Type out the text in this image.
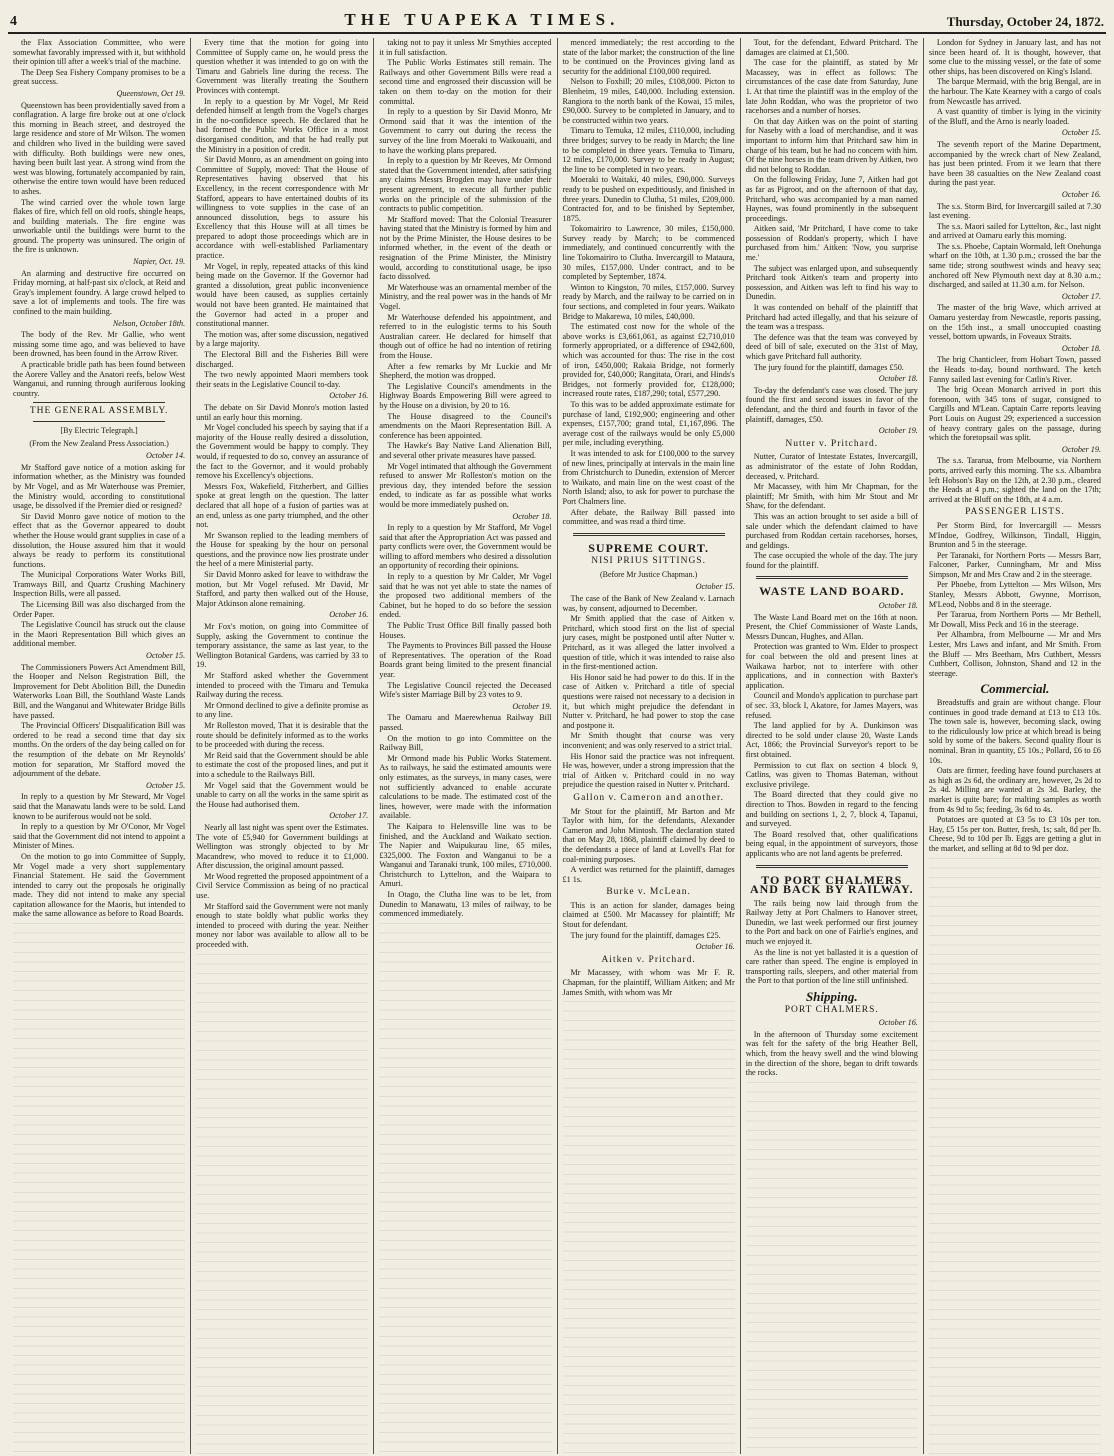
4	THE TUAPEKA TIMES.	Thursday, October 24, 1872.

the Flax Association Committee, who were somewhat favorably impressed with it, but withhold their opinion till after a week's trial of the machine.

The Deep Sea Fishery Company promises to be a great success.

Queenstown, Oct 19.

Queenstown has been providentially saved from a conflagration. A large fire broke out at one o'clock this morning in Beach street, and destroyed the large residence and store of Mr Wilson. The women and children who lived in the building were saved with difficulty. Both buildings were new ones, having been built last year. A strong wind from the west was blowing, fortunately accompanied by rain, otherwise the entire town would have been reduced to ashes.

The wind carried over the whole town large flakes of fire, which fell on old roofs, shingle heaps, and building materials. The fire engine was unworkable until the buildings were burnt to the ground. The property was uninsured. The origin of the fire is unknown.

Napier, Oct. 19.

An alarming and destructive fire occurred on Friday morning, at half-past six o'clock, at Reid and Gray's implement foundry. A large crowd helped to save a lot of implements and tools. The fire was confined to the main building.

Nelson, October 18th.

The body of the Rev. Mr Gallie, who went missing some time ago, and was believed to have been drowned, has been found in the Arrow River.

A practicable bridle path has been found between the Aorere Valley and the Anatori reefs, below West Wanganui, and running through auriferous looking country.

THE GENERAL ASSEMBLY.
[By Electric Telegraph.]
(From the New Zealand Press Association.)
October 14.

Mr Stafford gave notice of a motion asking for information whether, as the Ministry was founded by Mr Vogel, and as Mr Waterhouse was Premier, the Ministry would, according to constitutional usage, be dissolved if the Premier died or resigned?

Sir David Monro gave notice of motion to the effect that as the Governor appeared to doubt whether the House would grant supplies in case of a dissolution, the House assured him that it would always be ready to perform its constitutional functions.

The Municipal Corporations Water Works Bill, Tramways Bill, and Quartz Crushing Machinery Inspection Bills, were all passed.

The Licensing Bill was also discharged from the Order Paper.

The Legislative Council has struck out the clause in the Maori Representation Bill which gives an additional member.

October 15.

The Commissioners Powers Act Amendment Bill, the Hooper and Nelson Registration Bill, the Improvement for Debt Abolition Bill, the Dunedin Waterworks Loan Bill, the Southland Waste Lands Bill, and the Wanganui and Whitewater Bridge Bills have passed.

The Provincial Officers' Disqualification Bill was ordered to be read a second time that day six months. On the orders of the day being called on for the resumption of the debate on Mr Reynolds' motion for separation, Mr Stafford moved the adjournment of the debate.

October 15.

In reply to a question by Mr Steward, Mr Vogel said that the Manawatu lands were to be sold. Land known to be auriferous would not be sold.

In reply to a question by Mr O'Conor, Mr Vogel said that the Government did not intend to appoint a Minister of Mines.

On the motion to go into Committee of Supply, Mr Vogel made a very short supplementary Financial Statement. He said the Government intended to carry out the proposals he originally made. They did not intend to make any special capitation allowance for the Maoris, but intended to make the same allowance as before to Road Boards.

Every time that the motion for going into Committee of Supply came on, he would press the question whether it was intended to go on with the Timaru and Gabriels line during the recess. The Government was literally treating the Southern Provinces with contempt.

In reply to a question by Mr Vogel, Mr Reid defended himself at length from the Vogel's charges in the no-confidence speech. He declared that he had formed the Public Works Office in a most disorganised condition, and that he had really put the Ministry in a position of credit.

Sir David Monro, as an amendment on going into Committee of Supply, moved: That the House of Representatives having observed that his Excellency, in the recent correspondence with Mr Stafford, appears to have entertained doubts of its willingness to vote supplies in the case of an announced dissolution, begs to assure his Excellency that this House will at all times be prepared to adopt those proceedings which are in accordance with well-established Parliamentary practice.

Mr Vogel, in reply, repeated attacks of this kind being made on the Governor. If the Governor had granted a dissolution, great public inconvenience would have been caused, as supplies certainly would not have been granted. He maintained that the Governor had acted in a proper and constitutional manner.

The motion was, after some discussion, negatived by a large majority.

The Electoral Bill and the Fisheries Bill were discharged.

The two newly appointed Maori members took their seats in the Legislative Council to-day.

October 16.

The debate on Sir David Monro's motion lasted until an early hour this morning.

Mr Vogel concluded his speech by saying that if a majority of the House really desired a dissolution, the Government would be happy to comply. They would, if requested to do so, convey an assurance of the fact to the Governor, and it would probably remove his Excellency's objections.

Messrs Fox, Wakefield, Fitzherbert, and Gillies spoke at great length on the question. The latter declared that all hope of a fusion of parties was at an end, unless as one party triumphed, and the other not.

Mr Swanson replied to the leading members of the House for speaking by the hour on personal questions, and the province now lies prostrate under the heel of a mere Ministerial party.

Sir David Monro asked for leave to withdraw the motion, but Mr Vogel refused. Mr David, Mr Stafford, and party then walked out of the House, Major Atkinson alone remaining.

October 16.

Mr Fox's motion, on going into Committee of Supply, asking the Government to continue the temporary assistance, the same as last year, to the Wellington Botanical Gardens, was carried by 33 to 19.

Mr Stafford asked whether the Government intended to proceed with the Timaru and Temuka Railway during the recess.

Mr Ormond declined to give a definite promise as to any line.

Mr Rolleston moved, That it is desirable that the route should be definitely informed as to the works to be proceeded with during the recess.

Mr Reid said that the Government should be able to estimate the cost of the proposed lines, and put it into a schedule to the Railways Bill.

Mr Vogel said that the Government would be unable to carry on all the works in the same spirit as the House had authorised them.

October 17.

Nearly all last night was spent over the Estimates. The vote of £5,940 for Government buildings at Wellington was strongly objected to by Mr Macandrew, who moved to reduce it to £1,000. After discussion, the original amount passed.

Mr Wood regretted the proposed appointment of a Civil Service Commission as being of no practical use.

Mr Stafford said the Government were not manly enough to state boldly what public works they intended to proceed with during the year. Neither money nor labor was available to allow all to be proceeded with.

taking not to pay it unless Mr Smythies accepted it in full satisfaction.

The Public Works Estimates still remain. The Railways and other Government Bills were read a second time and engrossed their discussion will be taken on them to-day on the motion for their committal.

In reply to a question by Sir David Monro, Mr Ormond said that it was the intention of the Government to carry out during the recess the survey of the line from Moeraki to Waikouaiti, and to have the working plans prepared.

In reply to a question by Mr Reeves, Mr Ormond stated that the Government intended, after satisfying any claims Messrs Brogden may have under their present agreement, to execute all further public works on the principle of the submission of the contracts to public competition.

Mr Stafford moved: That the Colonial Treasurer having stated that the Ministry is formed by him and not by the Prime Minister, the House desires to be informed whether, in the event of the death or resignation of the Prime Minister, the Ministry would, according to constitutional usage, be ipso facto dissolved.

Mr Waterhouse was an ornamental member of the Ministry, and the real power was in the hands of Mr Vogel.

Mr Waterhouse defended his appointment, and referred to in the eulogistic terms to his South Australian career. He declared for himself that though out of office he had no intention of retiring from the House.

After a few remarks by Mr Luckie and Mr Shepherd, the motion was dropped.

The Legislative Council's amendments in the Highway Boards Empowering Bill were agreed to by the House on a division, by 20 to 16.

The House disagreed to the Council's amendments on the Maori Representation Bill. A conference has been appointed.

The Hawke's Bay Native Land Alienation Bill, and several other private measures have passed.

Mr Vogel intimated that although the Government refused to answer Mr Rolleston's motion on the previous day, they intended before the session ended, to indicate as far as possible what works would be more immediately pushed on.

October 18.

In reply to a question by Mr Stafford, Mr Vogel said that after the Appropriation Act was passed and party conflicts were over, the Government would be willing to afford members who desired a dissolution an opportunity of recording their opinions.

In reply to a question by Mr Calder, Mr Vogel said that he was not yet able to state the names of the proposed two additional members of the Cabinet, but he hoped to do so before the session ended.

The Public Trust Office Bill finally passed both Houses.

The Payments to Provinces Bill passed the House of Representatives. The operation of the Road Boards grant being limited to the present financial year.

The Legislative Council rejected the Deceased Wife's sister Marriage Bill by 23 votes to 9.

October 19.

The Oamaru and Maerewhenua Railway Bill passed.

On the motion to go into Committee on the Railway Bill,

Mr Ormond made his Public Works Statement. As to railways, he said the estimated amounts were only estimates, as the surveys, in many cases, were not sufficiently advanced to enable accurate calculations to be made. The estimated cost of the lines, however, were made with the information available.

The Kaipara to Helensville line was to be finished, and the Auckland and Waikato section. The Napier and Waipukurau line, 65 miles, £325,000. The Foxton and Wanganui to be a Wanganui and Taranaki trunk, 100 miles, £710,000. Christchurch to Lyttelton, and the Waipara to Amuri.

In Otago, the Clutha line was to be let, from Dunedin to Manawatu, 13 miles of railway, to be commenced immediately.

menced immediately; the rest according to the state of the labor market; the construction of the line to be continued on the Provinces giving land as security for the additional £100,000 required.

Nelson to Foxhill; 20 miles, £108,000. Picton to Blenheim, 19 miles, £40,000. Including extension. Rangiora to the north bank of the Kowai, 15 miles, £90,000. Survey to be completed in January, and to be constructed within two years.

Timaru to Temuka, 12 miles, £110,000, including three bridges; survey to be ready in March; the line to be completed in three years. Temuka to Timaru, 12 miles, £170,000. Survey to be ready in August; the line to be completed in two years.

Moeraki to Waitaki, 40 miles, £90,000. Surveys ready to be pushed on expeditiously, and finished in three years. Dunedin to Clutha, 51 miles, £209,000. Contracted for, and to be finished by September, 1875.

Tokomairiro to Lawrence, 30 miles, £150,000. Survey ready by March; to be commenced immediately, and continued concurrently with the line Tokomairiro to Clutha. Invercargill to Mataura, 30 miles, £157,000. Under contract, and to be completed by September, 1874.

Winton to Kingston, 70 miles, £157,000. Survey ready by March, and the railway to be carried on in four sections, and completed in four years. Waikato Bridge to Makarewa, 10 miles, £40,000.

The estimated cost now for the whole of the above works is £3,661,061, as against £2,710,010 formerly appropriated, or a difference of £942,600, which was accounted for thus: The rise in the cost of iron, £450,000; Rakaia Bridge, not formerly provided for, £40,000; Rangitata, Orari, and Hinds's Bridges, not formerly provided for, £128,000; increased route rates, £187,290; total, £577,290.

To this was to be added approximate estimate for purchase of land, £192,900; engineering and other expenses, £157,700; grand total, £1,167,896. The average cost of the railways would be only £5,000 per mile, including everything.

It was intended to ask for £100,000 to the survey of new lines, principally at intervals in the main line from Christchurch to Dunedin, extension of Mercer to Waikato, and main line on the west coast of the North Island; also, to ask for power to purchase the Port Chalmers line.

After debate, the Railway Bill passed into committee, and was read a third time.

SUPREME COURT.
NISI PRIUS SITTINGS.
(Before Mr Justice Chapman.)
October 15.

The case of the Bank of New Zealand v. Larnach was, by consent, adjourned to December.

Mr Smith applied that the case of Aitken v. Pritchard, which stood first on the list of special jury cases, might be postponed until after Nutter v. Pritchard, as it was alleged the latter involved a question of title, which it was intended to raise also in the first-mentioned action.

His Honor said he had power to do this. If in the case of Aitken v. Pritchard a title of special questions were raised not necessary to a decision in it, but which might prejudice the defendant in Nutter v. Pritchard, he had power to stop the case and postpone it.

Mr Smith thought that course was very inconvenient; and was only reserved to a strict trial.

His Honor said the practice was not infrequent. He was, however, under a strong impression that the trial of Aitken v. Pritchard could in no way prejudice the question raised in Nutter v. Pritchard.

Gallon v. Cameron and another.

Mr Stout for the plaintiff, Mr Barton and Mr Taylor with him, for the defendants, Alexander Cameron and John Mintosh. The declaration stated that on May 28, 1868, plaintiff claimed by deed to the defendants a piece of land at Lovell's Flat for coal-mining purposes.

A verdict was returned for the plaintiff, damages £1 1s.

Burke v. McLean.

This is an action for slander, damages being claimed at £500. Mr Macassey for plaintiff; Mr Stout for defendant.

The jury found for the plaintiff, damages £25.

October 16.
Aitken v. Pritchard.

Mr Macassey, with whom was Mr F. R. Chapman, for the plaintiff, William Aitken; and Mr James Smith, with whom was Mr

Tout, for the defendant, Edward Pritchard. The damages are claimed at £1,500.

The case for the plaintiff, as stated by Mr Macassey, was in effect as follows: The circumstances of the case date from Saturday, June 1. At that time the plaintiff was in the employ of the late John Roddan, who was the proprietor of two racehorses and a number of horses.

On that day Aitken was on the point of starting for Naseby with a load of merchandise, and it was important to inform him that Pritchard saw him in charge of his team, but he had no concern with him. Of the nine horses in the team driven by Aitken, two did not belong to Roddan.

On the following Friday, June 7, Aitken had got as far as Pigroot, and on the afternoon of that day, Pritchard, who was accompanied by a man named Haynes, was found prominently in the subsequent proceedings.

Aitken said, 'Mr Pritchard, I have come to take possession of Roddan's property, which I have purchased from him.' Aitken: 'Now, you surprise me.'

The subject was enlarged upon, and subsequently Pritchard took Aitken's team and property into possession, and Aitken was left to find his way to Dunedin.

It was contended on behalf of the plaintiff that Pritchard had acted illegally, and that his seizure of the team was a trespass.

The defence was that the team was conveyed by deed of bill of sale, executed on the 31st of May, which gave Pritchard full authority.

The jury found for the plaintiff, damages £50.

October 18.

To-day the defendant's case was closed. The jury found the first and second issues in favor of the defendant, and the third and fourth in favor of the plaintiff, damages, £50.

October 19.
Nutter v. Pritchard.

Nutter, Curator of Intestate Estates, Invercargill, as administrator of the estate of John Roddan, deceased, v. Pritchard.

Mr Macassey, with him Mr Chapman, for the plaintiff; Mr Smith, with him Mr Stout and Mr Shaw, for the defendant.

This was an action brought to set aside a bill of sale under which the defendant claimed to have purchased from Roddan certain racehorses, horses, and geldings.

The case occupied the whole of the day. The jury found for the plaintiff.

WASTE LAND BOARD.
October 18.

The Waste Land Board met on the 16th at noon. Present, the Chief Commissioner of Waste Lands, Messrs Duncan, Hughes, and Allan.

Protection was granted to Wm. Elder to prospect for coal between the old and present lines at Waikawa harbor, not to interfere with other applications, and in connection with Baxter's application.

Council and Mondo's application to purchase part of sec. 33, block I, Akatore, for James Mayers, was refused.

The land applied for by A. Dunkinson was directed to be sold under clause 20, Waste Lands Act, 1866; the Provincial Surveyor's report to be first obtained.

Permission to cut flax on section 4 block 9, Catlins, was given to Thomas Bateman, without exclusive privilege.

The Board directed that they could give no direction to Thos. Bowden in regard to the fencing and building on sections 1, 2, 7, block 4, Tapanui, and surveyed.

The Board resolved that, other qualifications being equal, in the appointment of surveyors, those applicants who are not land agents be preferred.

TO PORT CHALMERS AND BACK BY RAILWAY.

The rails being now laid through from the Railway Jetty at Port Chalmers to Hanover street, Dunedin, we last week performed our first journey to the Port and back on one of Fairlie's engines, and much we enjoyed it.

As the line is not yet ballasted it is a question of care rather than speed. The engine is employed in transporting rails, sleepers, and other material from the Port to that portion of the line still unfinished.

Shipping.
PORT CHALMERS.
October 16.

In the afternoon of Thursday some excitement was felt for the safety of the brig Heather Bell, which, from the heavy swell and the wind blowing in the direction of the shore, began to drift towards the rocks.

London for Sydney in January last, and has not since been heard of. It is thought, however, that some clue to the missing vessel, or the fate of some other ships, has been discovered on King's Island.

The barque Mermaid, with the brig Bengal, are in the harbour. The Kate Kearney with a cargo of coals from Newcastle has arrived.

A vast quantity of timber is lying in the vicinity of the Bluff, and the Arno is nearly loaded.

October 15.

The seventh report of the Marine Department, accompanied by the wreck chart of New Zealand, has just been printed. From it we learn that there have been 38 casualties on the New Zealand coast during the past year.

October 16.

The s.s. Storm Bird, for Invercargill sailed at 7.30 last evening.

The s.s. Maori sailed for Lyttelton, &c., last night and arrived at Oamaru early this morning.

The s.s. Phoebe, Captain Wormald, left Onehunga wharf on the 10th, at 1.30 p.m.; crossed the bar the same tide; strong southwest winds and heavy sea; anchored off New Plymouth next day at 8.30 a.m.; discharged, and sailed at 11.30 a.m. for Nelson.

October 17.

The master of the brig Wave, which arrived at Oamaru yesterday from Newcastle, reports passing, on the 15th inst., a small unoccupied coasting vessel, bottom upwards, in Foveaux Straits.

October 18.

The brig Chanticleer, from Hobart Town, passed the Heads to-day, bound northward. The ketch Fanny sailed last evening for Catlin's River.

The brig Ocean Monarch arrived in port this forenoon, with 345 tons of sugar, consigned to Cargills and M'Lean. Captain Carre reports leaving Port Louis on August 29; experienced a succession of heavy contrary gales on the passage, during which the foretopsail was split.

October 19.

The s.s. Tararua, from Melbourne, via Northern ports, arrived early this morning. The s.s. Albambra left Hobson's Bay on the 12th, at 2.30 p.m., cleared the Heads at 4 p.m.; sighted the land on the 17th; arrived at the Bluff on the 18th, at 4 a.m.

PASSENGER LISTS.

Per Storm Bird, for Invercargill — Messrs M'Indoe, Godfrey, Wilkinson, Tindall, Higgin, Brunton and 5 in the steerage.

Per Taranaki, for Northern Ports — Messrs Barr, Falconer, Parker, Cunningham, Mr and Miss Simpson, Mr and Mrs Craw and 2 in the steerage.

Per Phoebe, from Lyttelton — Mrs Wilson, Mrs Stanley, Messrs Abbott, Gwynne, Morrison, M'Leod, Nobbs and 8 in the steerage.

Per Tararua, from Northern Ports — Mr Bethell, Mr Dowall, Miss Peck and 16 in the steerage.

Per Alhambra, from Melbourne — Mr and Mrs Lester, Mrs Laws and infant, and Mr Smith. From the Bluff — Mrs Beetham, Mrs Cuthbert, Messrs Cuthbert, Collison, Johnston, Shand and 12 in the steerage.

Commercial.

Breadstuffs and grain are without change. Flour continues in good trade demand at £13 to £13 10s. The town sale is, however, becoming slack, owing to the ridiculously low price at which bread is being sold by some of the bakers. Second quality flour is nominal. Bran in quantity, £5 10s.; Pollard, £6 to £6 10s.

Oats are firmer, feeding have found purchasers at as high as 2s 6d, the ordinary are, however, 2s 2d to 2s 4d. Milling are wanted at 2s 3d. Barley, the market is quite bare; for malting samples as worth from 4s 9d to 5s; feeding, 3s 6d to 4s.

Potatoes are quoted at £3 5s to £3 10s per ton. Hay, £5 15s per ton. Butter, fresh, 1s; salt, 8d per lb. Cheese, 9d to 10d per lb. Eggs are getting a glut in the market, and selling at 8d to 9d per doz.
